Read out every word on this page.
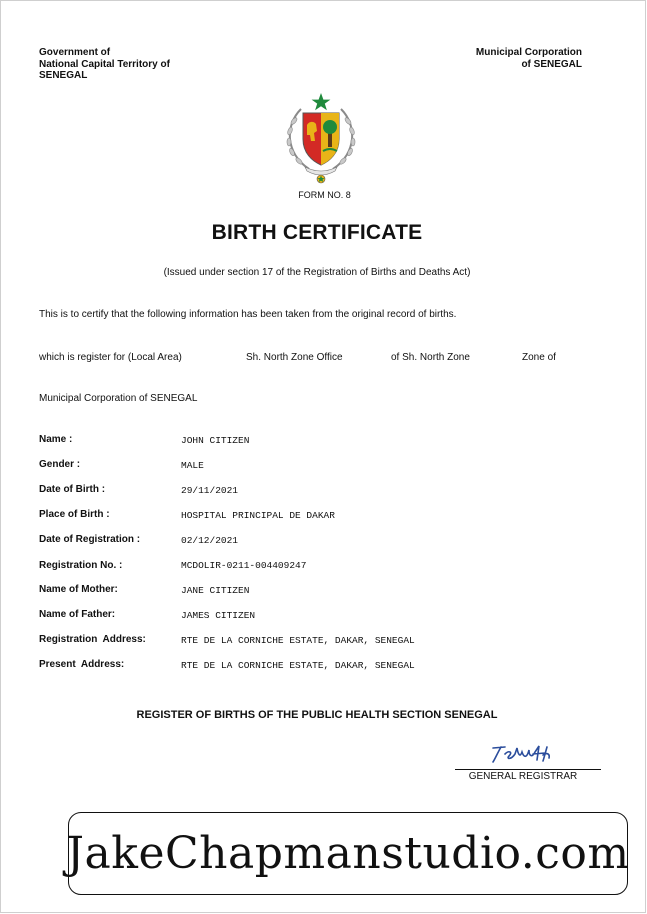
Government of
National Capital Territory of
SENEGAL
Municipal Corporation
of SENEGAL
FORM NO. 8
BIRTH CERTIFICATE
(Issued under section 17 of the Registration of Births and Deaths Act)
This is to certify that the following information has been taken from the original record of births.
which is register for (Local Area)	Sh. North Zone Office	of Sh. North Zone	Zone of
Municipal Corporation of SENEGAL
Name :	JOHN CITIZEN
Gender :	MALE
Date of Birth :	29/11/2021
Place of Birth :	HOSPITAL PRINCIPAL DE DAKAR
Date of Registration :	02/12/2021
Registration No. :	MCDOLIR-0211-004409247
Name of Mother:	JANE CITIZEN
Name of Father:	JAMES CITIZEN
Registration  Address:	RTE DE LA CORNICHE ESTATE, DAKAR, SENEGAL
Present  Address:	RTE DE LA CORNICHE ESTATE, DAKAR, SENEGAL
REGISTER OF BIRTHS OF THE PUBLIC HEALTH SECTION SENEGAL
GENERAL REGISTRAR
JakeChapmanstudio.com
